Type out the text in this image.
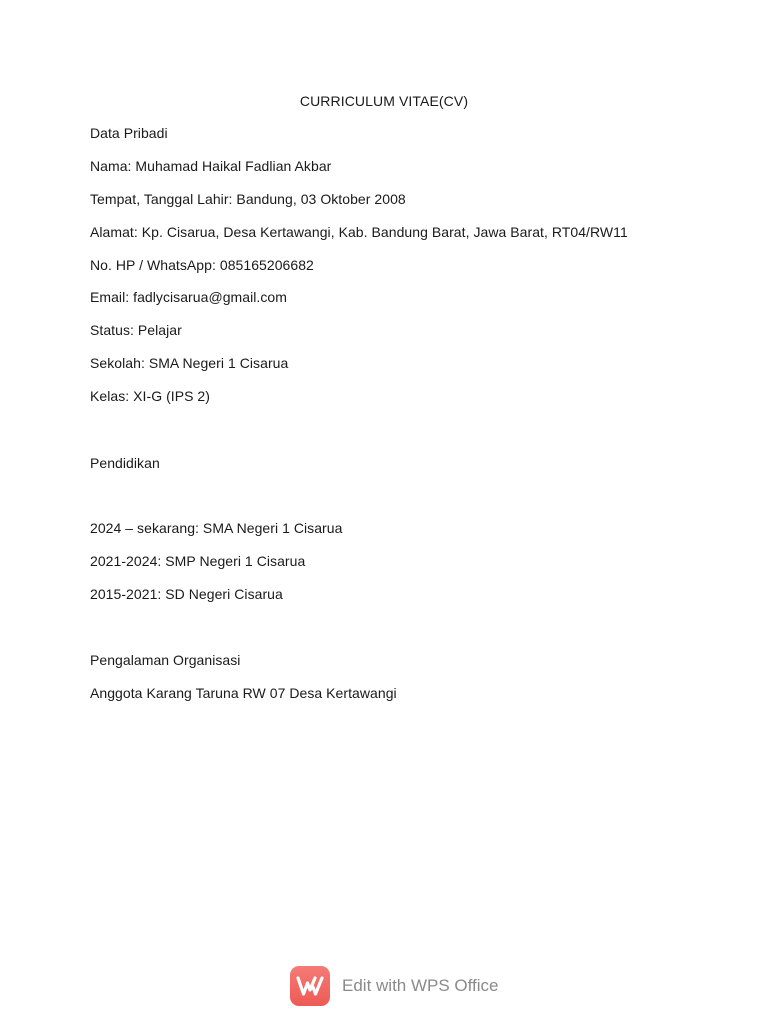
CURRICULUM VITAE(CV)
Data Pribadi
Nama: Muhamad Haikal Fadlian Akbar
Tempat, Tanggal Lahir: Bandung, 03 Oktober 2008
Alamat: Kp. Cisarua, Desa Kertawangi, Kab. Bandung Barat, Jawa Barat, RT04/RW11
No. HP / WhatsApp: 085165206682
Email: fadlycisarua@gmail.com
Status: Pelajar
Sekolah: SMA Negeri 1 Cisarua
Kelas: XI-G (IPS 2)
Pendidikan
2024 – sekarang: SMA Negeri 1 Cisarua
2021-2024: SMP Negeri 1 Cisarua
2015-2021: SD Negeri Cisarua
Pengalaman Organisasi
Anggota Karang Taruna RW 07 Desa Kertawangi
Edit with WPS Office
